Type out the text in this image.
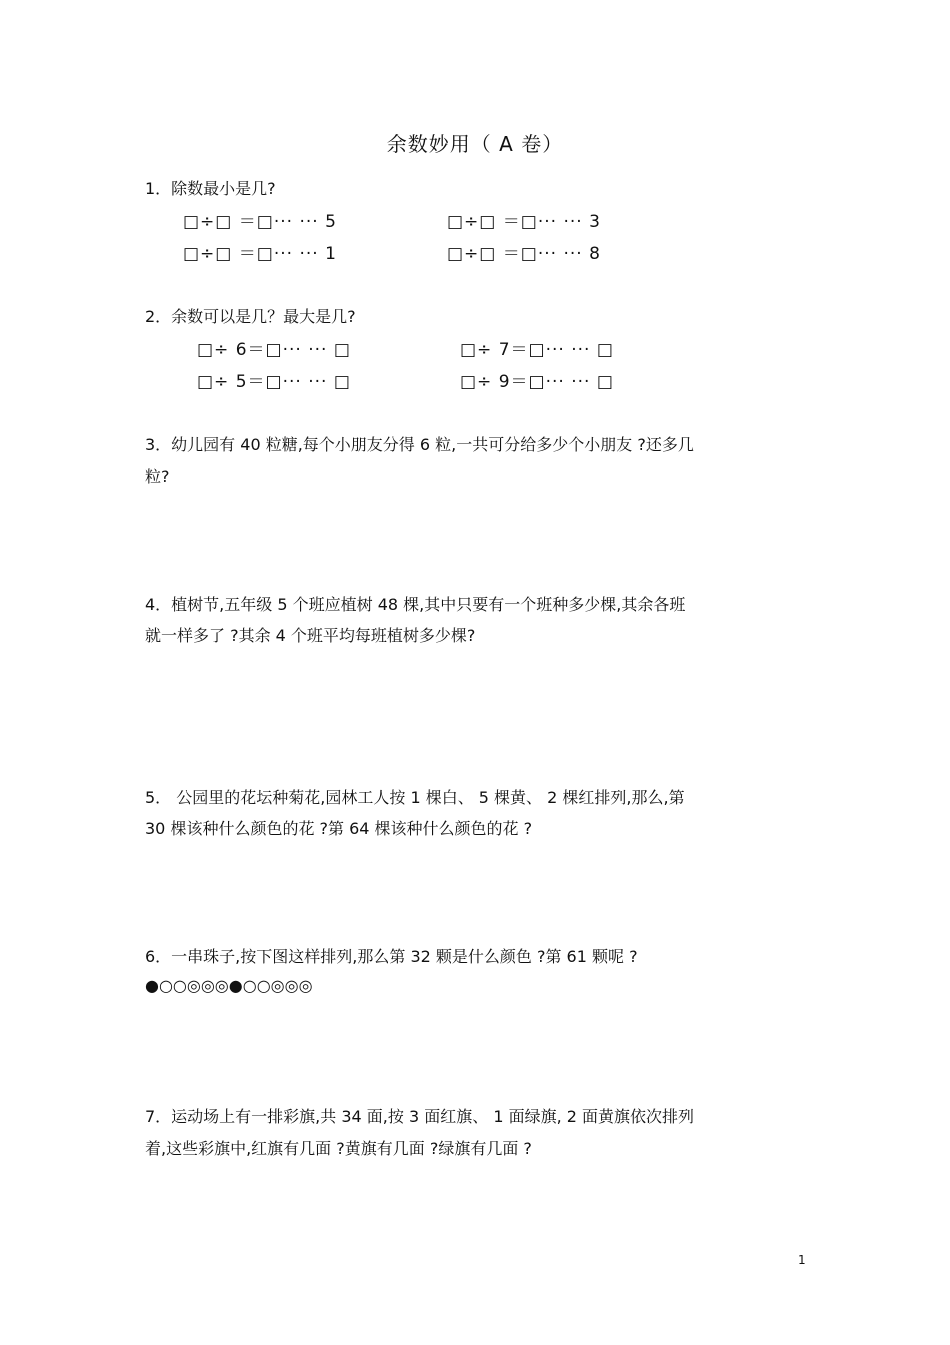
余数妙用（ A 卷）
1．除数最小是几?
□÷□ ＝□··· ··· 5	□÷□ ＝□··· ··· 3
□÷□ ＝□··· ··· 1	□÷□ ＝□··· ··· 8
2．余数可以是几？最大是几?
□÷ 6＝□··· ··· □	□÷ 7＝□··· ··· □
□÷ 5＝□··· ··· □	□÷ 9＝□··· ··· □
3．幼儿园有 40 粒糖,每个小朋友分得 6 粒,一共可分给多少个小朋友 ?还多几
粒?
4．植树节,五年级 5 个班应植树 48 棵,其中只要有一个班种多少棵,其余各班
就一样多了 ?其余 4 个班平均每班植树多少棵?
5． 公园里的花坛种菊花,园林工人按 1 棵白、 5 棵黄、 2 棵红排列,那么,第
30 棵该种什么颜色的花 ?第 64 棵该种什么颜色的花 ?
6．一串珠子,按下图这样排列,那么第 32 颗是什么颜色 ?第 61 颗呢 ?
●○○◎◎◎●○○◎◎◎
7．运动场上有一排彩旗,共 34 面,按 3 面红旗、 1 面绿旗, 2 面黄旗依次排列
着,这些彩旗中,红旗有几面 ?黄旗有几面 ?绿旗有几面 ?
1
